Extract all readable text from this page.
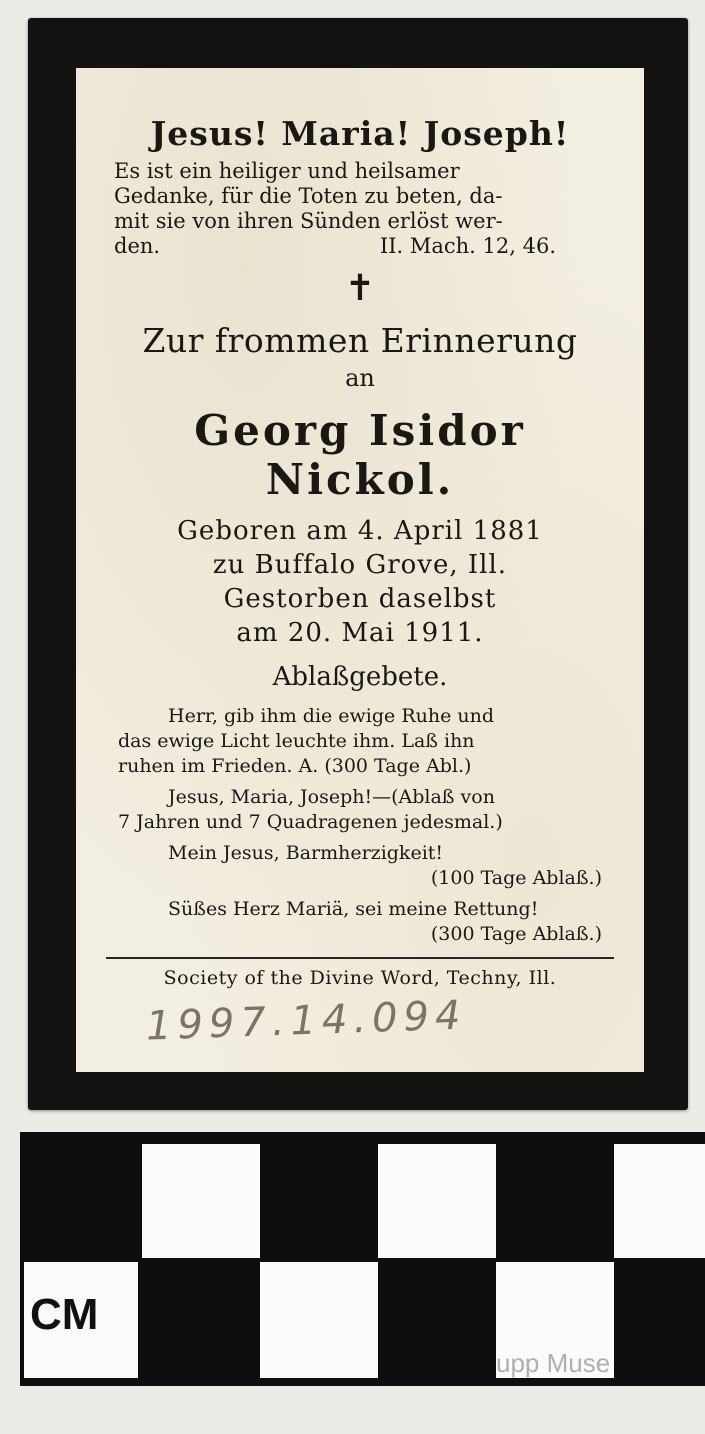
Jesus! Maria! Joseph!
Es ist ein heiliger und heilsamer
Gedanke, für die Toten zu beten, da-
mit sie von ihren Sünden erlöst wer-
den.	II. Mach. 12, 46.
✝
Zur frommen Erinnerung
an
Georg Isidor Nickol.
Geboren am 4. April 1881
zu Buffalo Grove, Ill.
Gestorben daselbst
am 20. Mai 1911.
Ablaßgebete.
Herr, gib ihm die ewige Ruhe und
das ewige Licht leuchte ihm. Laß ihn
ruhen im Frieden. A. (300 Tage Abl.)
Jesus, Maria, Joseph!—(Ablaß von
7 Jahren und 7 Quadragenen jedesmal.)
Mein Jesus, Barmherzigkeit!
(100 Tage Ablaß.)
Süßes Herz Mariä, sei meine Rettung!
(300 Tage Ablaß.)
Society of the Divine Word, Techny, Ill.
1997.14.094
CM
upp Muse
